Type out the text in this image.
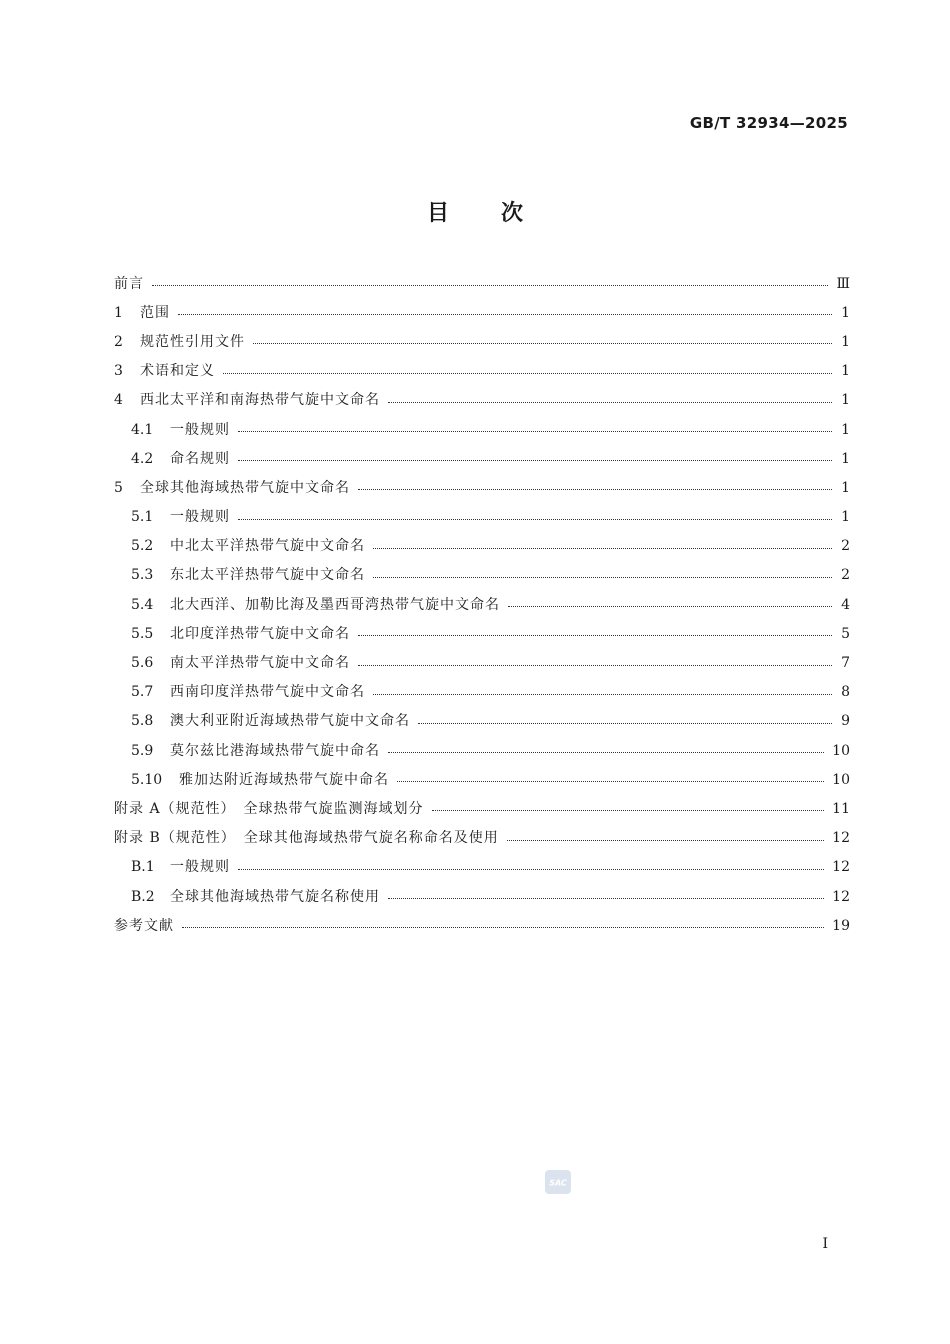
GB/T 32934—2025
目次
前言	Ⅲ
1	范围	1
2	规范性引用文件	1
3	术语和定义	1
4	西北太平洋和南海热带气旋中文命名	1
4.1	一般规则	1
4.2	命名规则	1
5	全球其他海域热带气旋中文命名	1
5.1	一般规则	1
5.2	中北太平洋热带气旋中文命名	2
5.3	东北太平洋热带气旋中文命名	2
5.4	北大西洋、加勒比海及墨西哥湾热带气旋中文命名	4
5.5	北印度洋热带气旋中文命名	5
5.6	南太平洋热带气旋中文命名	7
5.7	西南印度洋热带气旋中文命名	8
5.8	澳大利亚附近海域热带气旋中文命名	9
5.9	莫尔兹比港海域热带气旋中命名	10
5.10	雅加达附近海域热带气旋中命名	10
附录 A（规范性）　全球热带气旋监测海域划分	11
附录 B（规范性）　全球其他海域热带气旋名称命名及使用	12
B.1	一般规则	12
B.2	全球其他海域热带气旋名称使用	12
参考文献	19
SAC
Ⅰ
